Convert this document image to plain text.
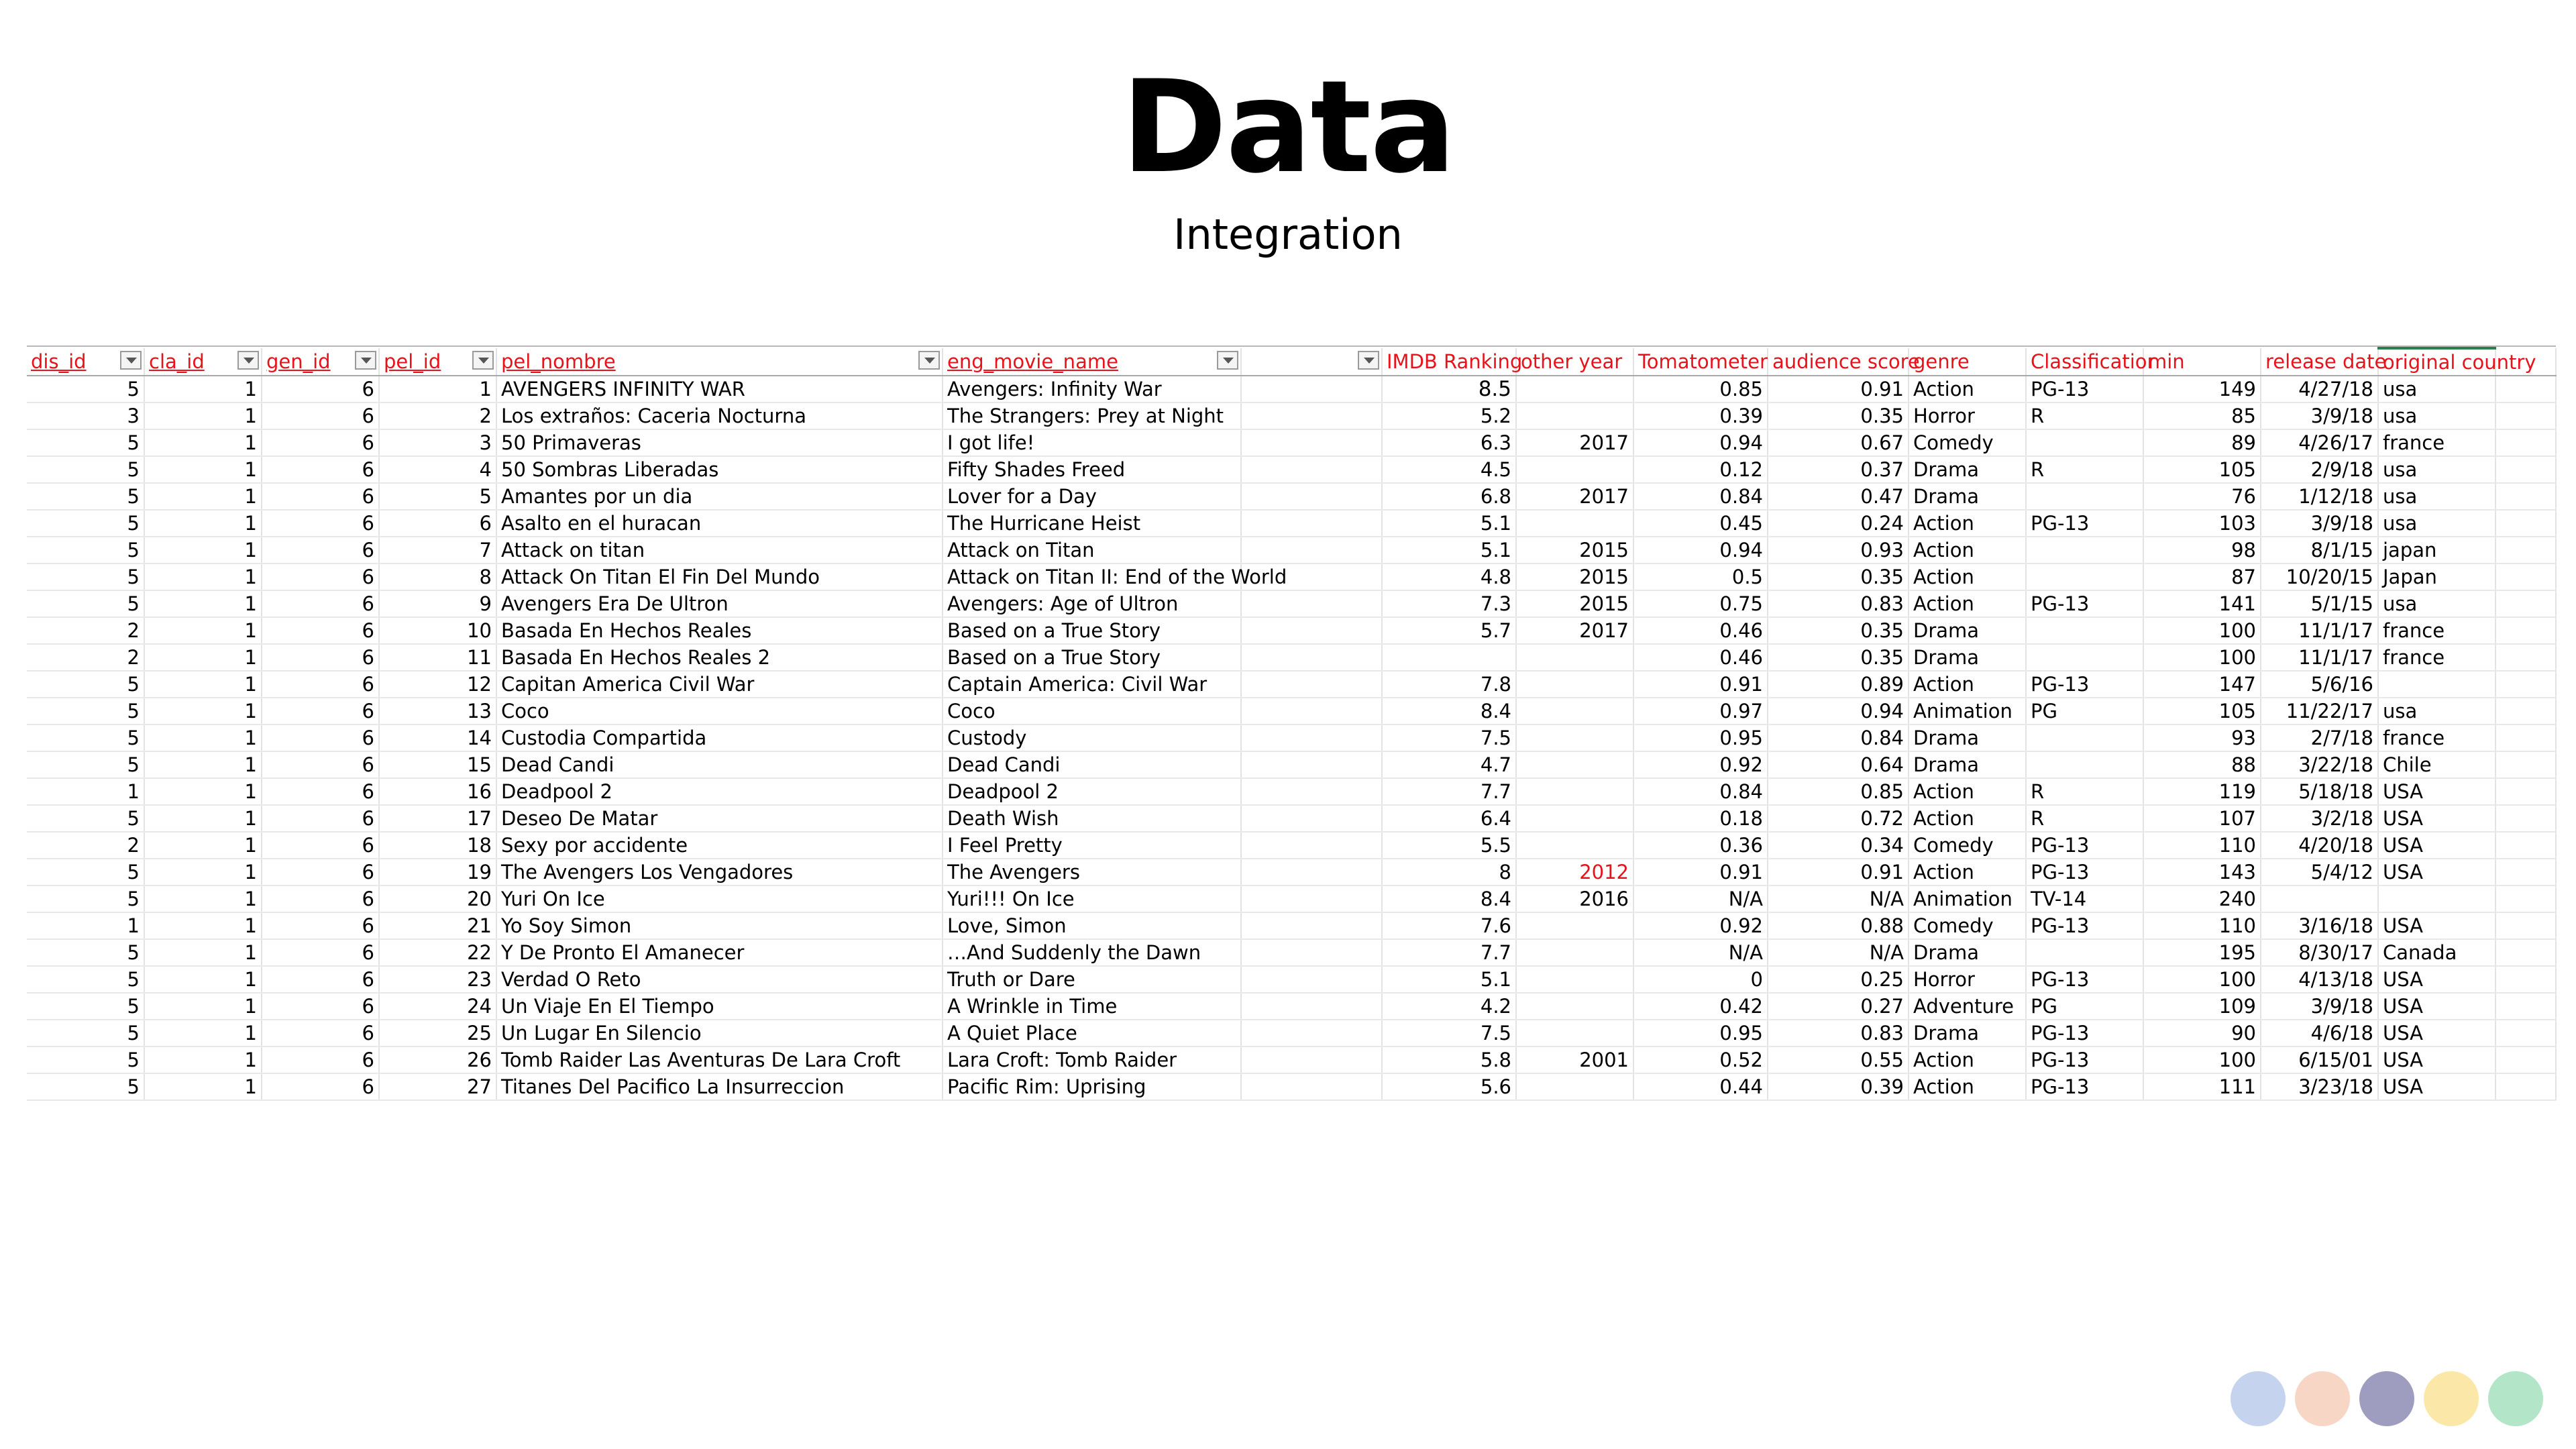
Data
Integration
dis_id	cla_id	gen_id	pel_id	pel_nombre	eng_movie_name		IMDB Ranking	other year	Tomatometer	audience score	genre	Classificatior	min	release date	original country	
5	1	6	1	AVENGERS INFINITY WAR	Avengers: Infinity War		8.5		0.85	0.91	Action	PG-13	149	4/27/18	usa	
3	1	6	2	Los extraños: Caceria Nocturna	The Strangers: Prey at Night		5.2		0.39	0.35	Horror	R	85	3/9/18	usa	
5	1	6	3	50 Primaveras	I got life!		6.3	2017	0.94	0.67	Comedy		89	4/26/17	france	
5	1	6	4	50 Sombras Liberadas	Fifty Shades Freed		4.5		0.12	0.37	Drama	R	105	2/9/18	usa	
5	1	6	5	Amantes por un dia	Lover for a Day		6.8	2017	0.84	0.47	Drama		76	1/12/18	usa	
5	1	6	6	Asalto en el huracan	The Hurricane Heist		5.1		0.45	0.24	Action	PG-13	103	3/9/18	usa	
5	1	6	7	Attack on titan	Attack on Titan		5.1	2015	0.94	0.93	Action		98	8/1/15	japan	
5	1	6	8	Attack On Titan El Fin Del Mundo	Attack on Titan II: End of the World		4.8	2015	0.5	0.35	Action		87	10/20/15	Japan	
5	1	6	9	Avengers Era De Ultron	Avengers: Age of Ultron		7.3	2015	0.75	0.83	Action	PG-13	141	5/1/15	usa	
2	1	6	10	Basada En Hechos Reales	Based on a True Story		5.7	2017	0.46	0.35	Drama		100	11/1/17	france	
2	1	6	11	Basada En Hechos Reales 2	Based on a True Story				0.46	0.35	Drama		100	11/1/17	france	
5	1	6	12	Capitan America Civil War	Captain America: Civil War		7.8		0.91	0.89	Action	PG-13	147	5/6/16		
5	1	6	13	Coco	Coco		8.4		0.97	0.94	Animation	PG	105	11/22/17	usa	
5	1	6	14	Custodia Compartida	Custody		7.5		0.95	0.84	Drama		93	2/7/18	france	
5	1	6	15	Dead Candi	Dead Candi		4.7		0.92	0.64	Drama		88	3/22/18	Chile	
1	1	6	16	Deadpool 2	Deadpool 2		7.7		0.84	0.85	Action	R	119	5/18/18	USA	
5	1	6	17	Deseo De Matar	Death Wish		6.4		0.18	0.72	Action	R	107	3/2/18	USA	
2	1	6	18	Sexy por accidente	I Feel Pretty		5.5		0.36	0.34	Comedy	PG-13	110	4/20/18	USA	
5	1	6	19	The Avengers Los Vengadores	The Avengers		8	2012	0.91	0.91	Action	PG-13	143	5/4/12	USA	
5	1	6	20	Yuri On Ice	Yuri!!! On Ice		8.4	2016	N/A	N/A	Animation	TV-14	240			
1	1	6	21	Yo Soy Simon	Love, Simon		7.6		0.92	0.88	Comedy	PG-13	110	3/16/18	USA	
5	1	6	22	Y De Pronto El Amanecer	…And Suddenly the Dawn		7.7		N/A	N/A	Drama		195	8/30/17	Canada	
5	1	6	23	Verdad O Reto	Truth or Dare		5.1		0	0.25	Horror	PG-13	100	4/13/18	USA	
5	1	6	24	Un Viaje En El Tiempo	A Wrinkle in Time		4.2		0.42	0.27	Adventure	PG	109	3/9/18	USA	
5	1	6	25	Un Lugar En Silencio	A Quiet Place		7.5		0.95	0.83	Drama	PG-13	90	4/6/18	USA	
5	1	6	26	Tomb Raider Las Aventuras De Lara Croft	Lara Croft: Tomb Raider		5.8	2001	0.52	0.55	Action	PG-13	100	6/15/01	USA	
5	1	6	27	Titanes Del Pacifico La Insurreccion	Pacific Rim: Uprising		5.6		0.44	0.39	Action	PG-13	111	3/23/18	USA	
